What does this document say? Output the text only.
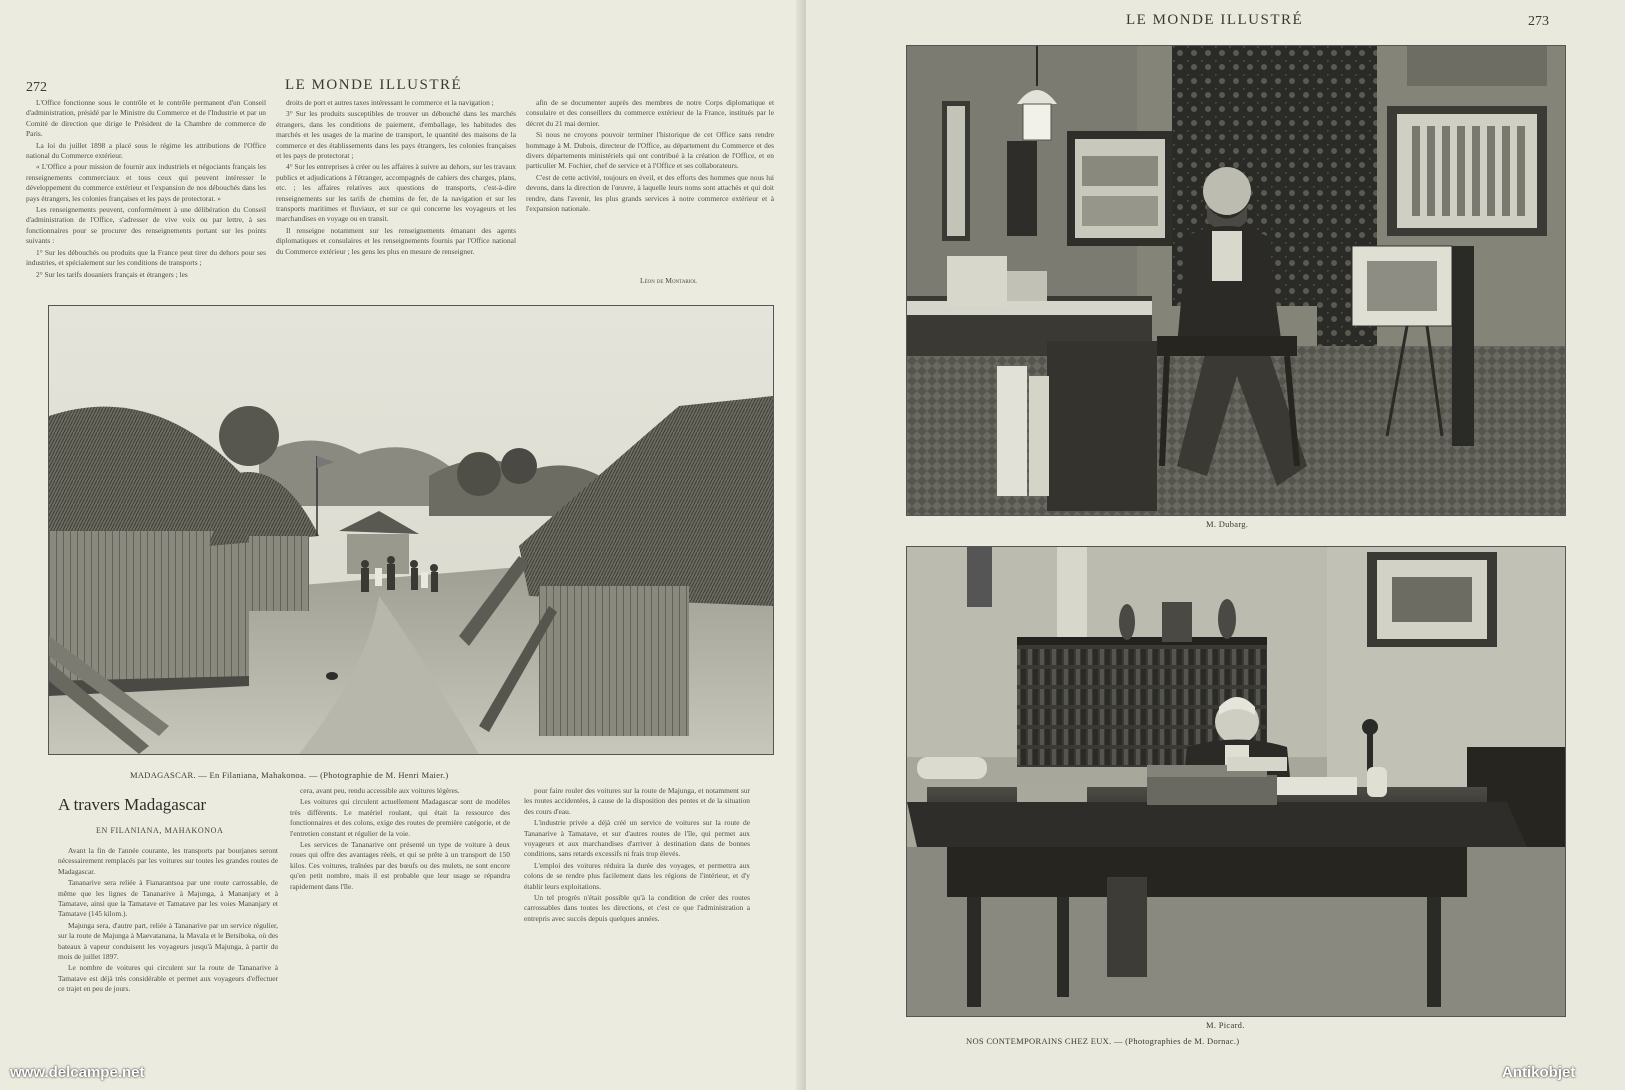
272	LE MONDE ILLUSTRÉ

L'Office fonctionne sous le contrôle et le contrôle permanent d'un Conseil d'administration, présidé par le Ministre du Commerce et de l'Industrie et par un Comité de direction que dirige le Président de la Chambre de commerce de Paris.

La loi du juillet 1898 a placé sous le régime les attributions de l'Office national du Commerce extérieur.

« L'Office a pour mission de fournir aux industriels et négociants français les renseignements commerciaux et tous ceux qui peuvent intéresser le développement du commerce extérieur et l'expansion de nos débouchés dans les pays étrangers, les colonies françaises et les pays de protectorat. »

Les renseignements peuvent, conformément à une délibération du Conseil d'administration de l'Office, s'adresser de vive voix ou par lettre, à ses fonctionnaires pour se procurer des renseignements portant sur les points suivants :

1° Sur les débouchés ou produits que la France peut tirer du dehors pour ses industries, et spécialement sur les conditions de transports ;

2° Sur les tarifs douaniers français et étrangers ; les

droits de port et autres taxes intéressant le commerce et la navigation ;

3° Sur les produits susceptibles de trouver un débouché dans les marchés étrangers, dans les conditions de paiement, d'emballage, les habitudes des marchés et les usages de la marine de transport, le quantité des maisons de la commerce et des établissements dans les pays étrangers, les colonies françaises et les pays de protectorat ;

4° Sur les entreprises à créer ou les affaires à suivre au dehors, sur les travaux publics et adjudications à l'étranger, accompagnés de cahiers des charges, plans, etc. ; les affaires relatives aux questions de transports, c'est-à-dire renseignements sur les tarifs de chemins de fer, de la navigation et sur les transports maritimes et fluviaux, et sur ce qui concerne les voyageurs et les marchandises en voyage ou en transit.

Il renseigne notamment sur les renseignements émanant des agents diplomatiques et consulaires et les renseignements fournis par l'Office national du Commerce extérieur ; les gens les plus en mesure de renseigner.

afin de se documenter auprès des membres de notre Corps diplomatique et consulaire et des conseillers du commerce extérieur de la France, institués par le décret du 21 mai dernier.

Si nous ne croyons pouvoir terminer l'historique de cet Office sans rendre hommage à M. Dubois, directeur de l'Office, au département du Commerce et des divers départements ministériels qui ont contribué à la création de l'Office, et en particulier M. Fochier, chef de service et à l'Office et ses collaborateurs.

C'est de cette activité, toujours en éveil, et des efforts des hommes que nous lui devons, dans la direction de l'œuvre, à laquelle leurs noms sont attachés et qui doit rendre, dans l'avenir, les plus grands services à notre commerce extérieur et à l'expansion nationale.

Léon de Montariol
MADAGASCAR. — En Filaniana, Mahakonoa. — (Photographie de M. Henri Maier.)
A travers Madagascar
EN FILANIANA, MAHAKONOA

Avant la fin de l'année courante, les transports par bourjanes seront nécessairement remplacés par les voitures sur toutes les grandes routes de Madagascar.

Tananarive sera reliée à Fianarantsoa par une route carrossable, de même que les lignes de Tananarive à Majunga, à Mananjary et à Tamatave, ainsi que la Tamatave et Tamatave par les voies Mananjary et Tamatave (145 kilom.).

Majunga sera, d'autre part, reliée à Tananarive par un service régulier, sur la route de Majunga à Maevatanana, la Mavala et le Betsiboka, où des bateaux à vapeur conduisent les voyageurs jusqu'à Majunga, à partir du mois de juillet 1897.

Le nombre de voitures qui circulent sur la route de Tananarive à Tamatave est déjà très considérable et permet aux voyageurs d'effectuer ce trajet en peu de jours.

cera, avant peu, rendu accessible aux voitures légères.

Les voitures qui circulent actuellement Madagascar sont de modèles très différents. Le matériel roulant, qui était la ressource des fonctionnaires et des colons, exige des routes de première catégorie, et de l'entretien constant et régulier de la voie.

Les services de Tananarive ont présenté un type de voiture à deux roues qui offre des avantages réels, et qui se prête à un transport de 150 kilos. Ces voitures, traînées par des bœufs ou des mulets, ne sont encore qu'en petit nombre, mais il est probable que leur usage se répandra rapidement dans l'île.

pour faire rouler des voitures sur la route de Majunga, et notamment sur les routes accidentées, à cause de la disposition des pentes et de la situation des cours d'eau.

L'industrie privée a déjà créé un service de voitures sur la route de Tananarive à Tamatave, et sur d'autres routes de l'île, qui permet aux voyageurs et aux marchandises d'arriver à destination dans de bonnes conditions, sans retards excessifs ni frais trop élevés.

L'emploi des voitures réduira la durée des voyages, et permettra aux colons de se rendre plus facilement dans les régions de l'intérieur, et d'y établir leurs exploitations.

Un tel progrès n'était possible qu'à la condition de créer des routes carrossables dans toutes les directions, et c'est ce que l'administration a entrepris avec succès depuis quelques années.

www.delcampe.net
LE MONDE ILLUSTRÉ	273
M. Dubarg.
M. Picard.
NOS CONTEMPORAINS CHEZ EUX. — (Photographies de M. Dornac.)
Antikobjet
